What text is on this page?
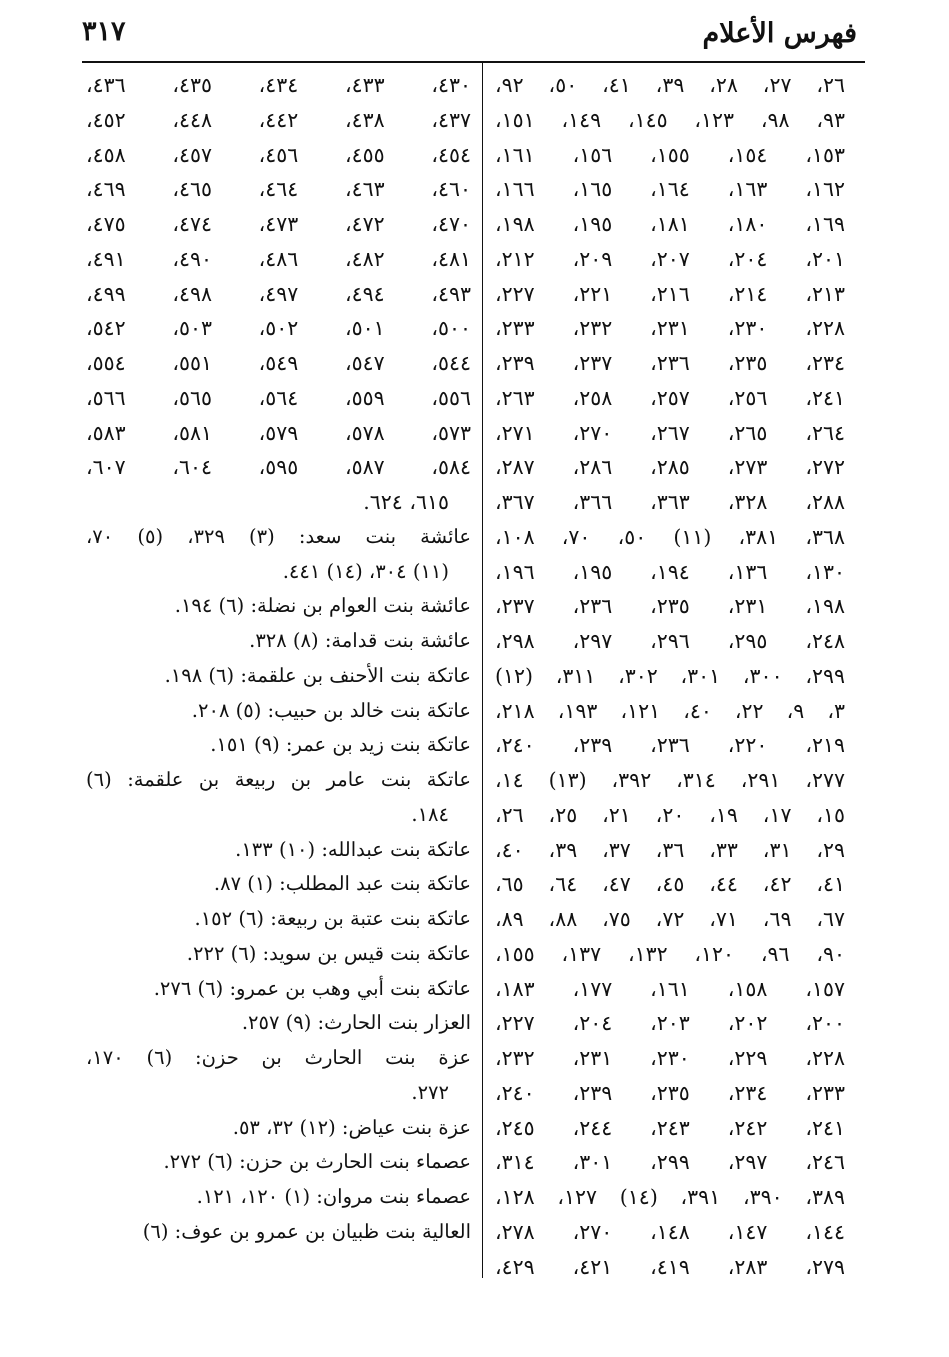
فهرس الأعلام
٣١٧
٢٦، ٢٧، ٢٨، ٣٩، ٤١، ٥٠، ٩٢،
٩٣، ٩٨، ١٢٣، ١٤٥، ١٤٩، ١٥١،
١٥٣، ١٥٤، ١٥٥، ١٥٦، ١٦١،
١٦٢، ١٦٣، ١٦٤، ١٦٥، ١٦٦،
١٦٩، ١٨٠، ١٨١، ١٩٥، ١٩٨،
٢٠١، ٢٠٤، ٢٠٧، ٢٠٩، ٢١٢،
٢١٣، ٢١٤، ٢١٦، ٢٢١، ٢٢٧،
٢٢٨، ٢٣٠، ٢٣١، ٢٣٢، ٢٣٣،
٢٣٤، ٢٣٥، ٢٣٦، ٢٣٧، ٢٣٩،
٢٤١، ٢٥٦، ٢٥٧، ٢٥٨، ٢٦٣،
٢٦٤، ٢٦٥، ٢٦٧، ٢٧٠، ٢٧١،
٢٧٢، ٢٧٣، ٢٨٥، ٢٨٦، ٢٨٧،
٢٨٨، ٣٢٨، ٣٦٣، ٣٦٦، ٣٦٧،
٣٦٨، ٣٨١، (١١) ٥٠، ٧٠، ١٠٨،
١٣٠، ١٣٦، ١٩٤، ١٩٥، ١٩٦،
١٩٨، ٢٣١، ٢٣٥، ٢٣٦، ٢٣٧،
٢٤٨، ٢٩٥، ٢٩٦، ٢٩٧، ٢٩٨،
٢٩٩، ٣٠٠، ٣٠١، ٣٠٢، ٣١١، (١٢)
٣، ٩، ٢٢، ٤٠، ١٢١، ١٩٣، ٢١٨،
٢١٩، ٢٢٠، ٢٣٦، ٢٣٩، ٢٤٠،
٢٧٧، ٢٩١، ٣١٤، ٣٩٢، (١٣) ١٤،
١٥، ١٧، ١٩، ٢٠، ٢١، ٢٥، ٢٦،
٢٩، ٣١، ٣٣، ٣٦، ٣٧، ٣٩، ٤٠،
٤١، ٤٢، ٤٤، ٤٥، ٤٧، ٦٤، ٦٥،
٦٧، ٦٩، ٧١، ٧٢، ٧٥، ٨٨، ٨٩،
٩٠، ٩٦، ١٢٠، ١٣٢، ١٣٧، ١٥٥،
١٥٧، ١٥٨، ١٦١، ١٧٧، ١٨٣،
٢٠٠، ٢٠٢، ٢٠٣، ٢٠٤، ٢٢٧،
٢٢٨، ٢٢٩، ٢٣٠، ٢٣١، ٢٣٢،
٢٣٣، ٢٣٤، ٢٣٥، ٢٣٩، ٢٤٠،
٢٤١، ٢٤٢، ٢٤٣، ٢٤٤، ٢٤٥،
٢٤٦، ٢٩٧، ٢٩٩، ٣٠١، ٣١٤،
٣٨٩، ٣٩٠، ٣٩١، (١٤) ١٢٧، ١٢٨،
١٤٤، ١٤٧، ١٤٨، ٢٧٠، ٢٧٨،
٢٧٩، ٢٨٣، ٤١٩، ٤٢١، ٤٢٩،
٤٣٠، ٤٣٣، ٤٣٤، ٤٣٥، ٤٣٦،
٤٣٧، ٤٣٨، ٤٤٢، ٤٤٨، ٤٥٢،
٤٥٤، ٤٥٥، ٤٥٦، ٤٥٧، ٤٥٨،
٤٦٠، ٤٦٣، ٤٦٤، ٤٦٥، ٤٦٩،
٤٧٠، ٤٧٢، ٤٧٣، ٤٧٤، ٤٧٥،
٤٨١، ٤٨٢، ٤٨٦، ٤٩٠، ٤٩١،
٤٩٣، ٤٩٤، ٤٩٧، ٤٩٨، ٤٩٩،
٥٠٠، ٥٠١، ٥٠٢، ٥٠٣، ٥٤٢،
٥٤٤، ٥٤٧، ٥٤٩، ٥٥١، ٥٥٤،
٥٥٦، ٥٥٩، ٥٦٤، ٥٦٥، ٥٦٦،
٥٧٣، ٥٧٨، ٥٧٩، ٥٨١، ٥٨٣،
٥٨٤، ٥٨٧، ٥٩٥، ٦٠٤، ٦٠٧،
٦١٥، ٦٢٤.
عائشة بنت سعد: (٣) ٣٢٩، (٥) ٧٠،
(١١) ٣٠٤، (١٤) ٤٤١.
عائشة بنت العوام بن نضلة: (٦) ١٩٤.
عائشة بنت قدامة: (٨) ٣٢٨.
عاتكة بنت الأحنف بن علقمة: (٦) ١٩٨.
عاتكة بنت خالد بن حبيب: (٥) ٢٠٨.
عاتكة بنت زيد بن عمر: (٩) ١٥١.
عاتكة بنت عامر بن ربيعة بن علقمة: (٦)
١٨٤.
عاتكة بنت عبدالله: (١٠) ١٣٣.
عاتكة بنت عبد المطلب: (١) ٨٧.
عاتكة بنت عتبة بن ربيعة: (٦) ١٥٢.
عاتكة بنت قيس بن سويد: (٦) ٢٢٢.
عاتكة بنت أبي وهب بن عمرو: (٦) ٢٧٦.
العزار بنت الحارث: (٩) ٢٥٧.
عزة بنت الحارث بن حزن: (٦) ١٧٠،
٢٧٢.
عزة بنت عياض: (١٢) ٣٢، ٥٣.
عصماء بنت الحارث بن حزن: (٦) ٢٧٢.
عصماء بنت مروان: (١) ١٢٠، ١٢١.
العالية بنت ظبيان بن عمرو بن عوف: (٦)
